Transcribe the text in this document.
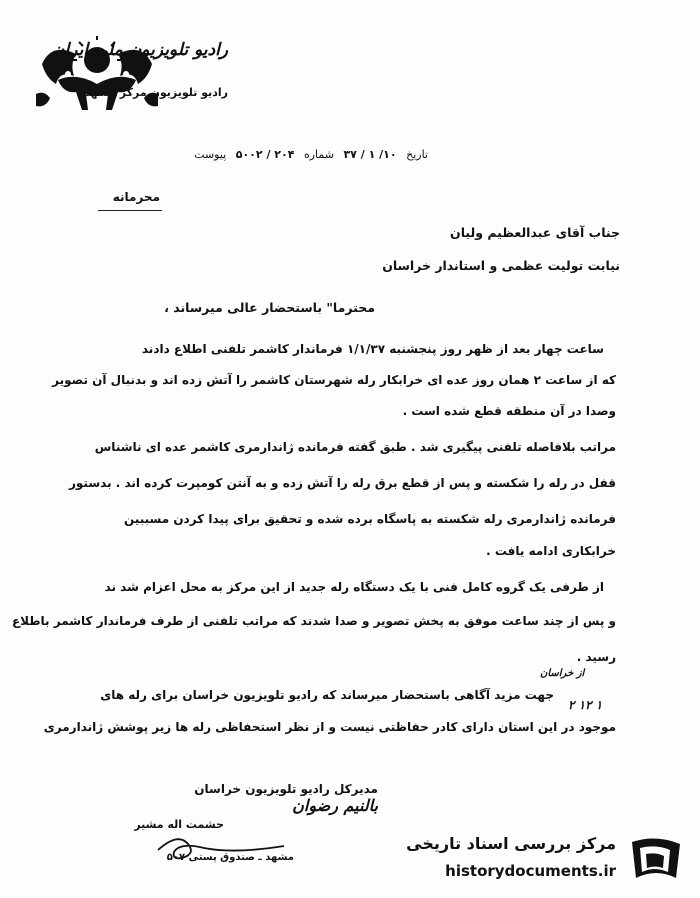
رادیو تلویزیون ملی ایران
رادیو تلویزیون مرکز مشهد
تاریخ ۱۰/ ۱ / ۳۷ شماره ۲۰۴ / ۵۰۰۲ پیوست
محرمانه
جناب آقای عبدالعظیم ولیان
نیابت تولیت عظمی و استاندار خراسان
محترما" باستحضار عالی میرساند ،
ساعت چهار بعد از ظهر روز پنجشنبه ۱/۱/۳۷ فرماندار کاشمر تلفنی اطلاع دادند
که از ساعت ۲ همان روز عده ای خرابکار رله شهرستان کاشمر را آتش زده اند و بدنبال آن تصویر
وصدا در آن منطقه قطع شده است .
مراتب بلافاصله تلفنی پیگیری شد . طبق گفته فرمانده ژاندارمری کاشمر عده ای ناشناس
قفل در رله را شکسته و پس از قطع برق رله را آتش زده و به آنتن کومپرت کرده اند . بدستور
فرمانده ژاندارمری رله شکسته به پاسگاه برده شده و تحقیق برای پیدا کردن مسببین
خرابکاری ادامه یافت .
از طرفی یک گروه کامل فنی با یک دستگاه رله جدید از این مرکز به محل اعزام شد ند
و پس از چند ساعت موفق به پخش تصویر و صدا شدند که مراتب تلفنی از طرف فرماندار کاشمر باطلاع
رسید .
از خراسان
جهت مزید آگاهی باستحضار میرساند که رادیو تلویزیون خراسان برای رله های
۲ ۱۲ ۱
موجود در این استان دارای کادر حفاظتی نیست و از نظر استحفاظی رله ها زیر پوشش ژاندارمری
مدیرکل رادیو تلویزیون خراسان
بالنیم رضوان
حشمت اله مشیر
مشهد ـ صندوق پستی ۵۰۷
مرکز بررسی اسناد تاریخی
historydocuments.ir
